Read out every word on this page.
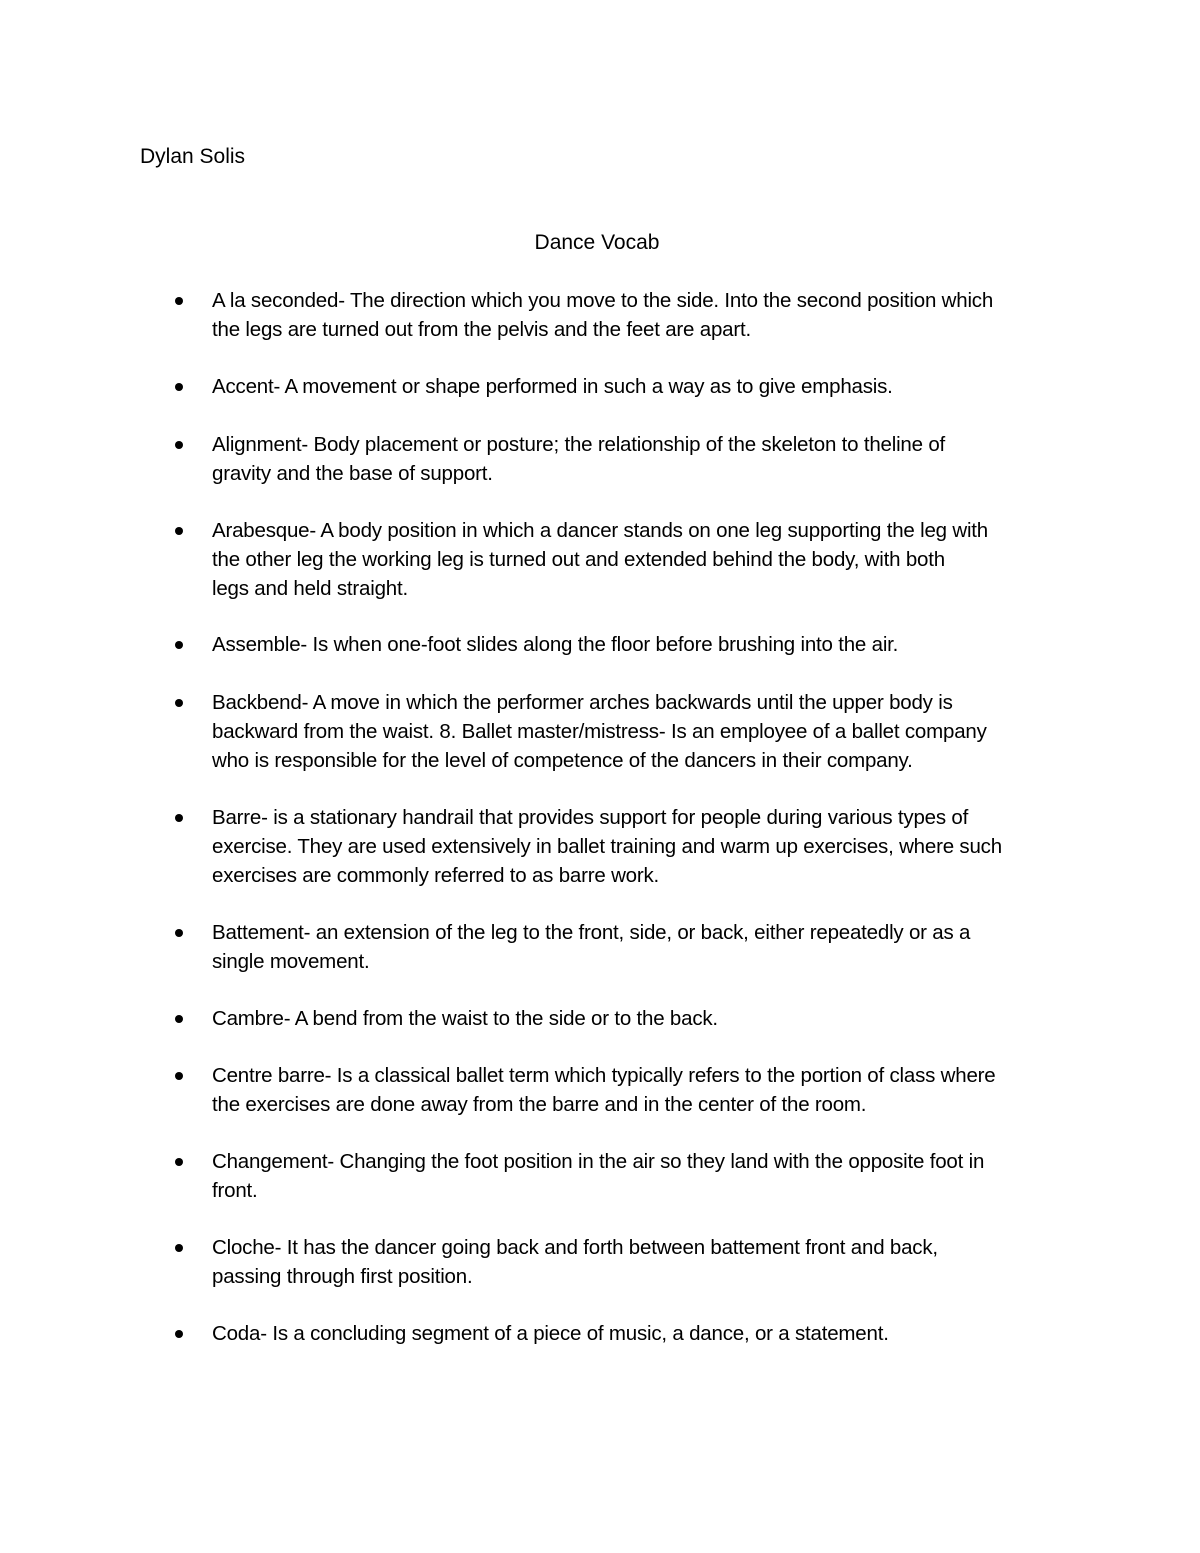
Dylan Solis
Dance Vocab
A la seconded- The direction which you move to the side. Into the second position which
the legs are turned out from the pelvis and the feet are apart.
Accent- A movement or shape performed in such a way as to give emphasis.
Alignment- Body placement or posture; the relationship of the skeleton to theline of
gravity and the base of support.
Arabesque- A body position in which a dancer stands on one leg supporting the leg with
the other leg the working leg is turned out and extended behind the body, with both
legs and held straight.
Assemble- Is when one-foot slides along the floor before brushing into the air.
Backbend- A move in which the performer arches backwards until the upper body is
backward from the waist. 8. Ballet master/mistress- Is an employee of a ballet company
who is responsible for the level of competence of the dancers in their company.
Barre- is a stationary handrail that provides support for people during various types of
exercise. They are used extensively in ballet training and warm up exercises, where such
exercises are commonly referred to as barre work.
Battement- an extension of the leg to the front, side, or back, either repeatedly or as a
single movement.
Cambre- A bend from the waist to the side or to the back.
Centre barre- Is a classical ballet term which typically refers to the portion of class where
the exercises are done away from the barre and in the center of the room.
Changement- Changing the foot position in the air so they land with the opposite foot in
front.
Cloche- It has the dancer going back and forth between battement front and back,
passing through first position.
Coda- Is a concluding segment of a piece of music, a dance, or a statement.
